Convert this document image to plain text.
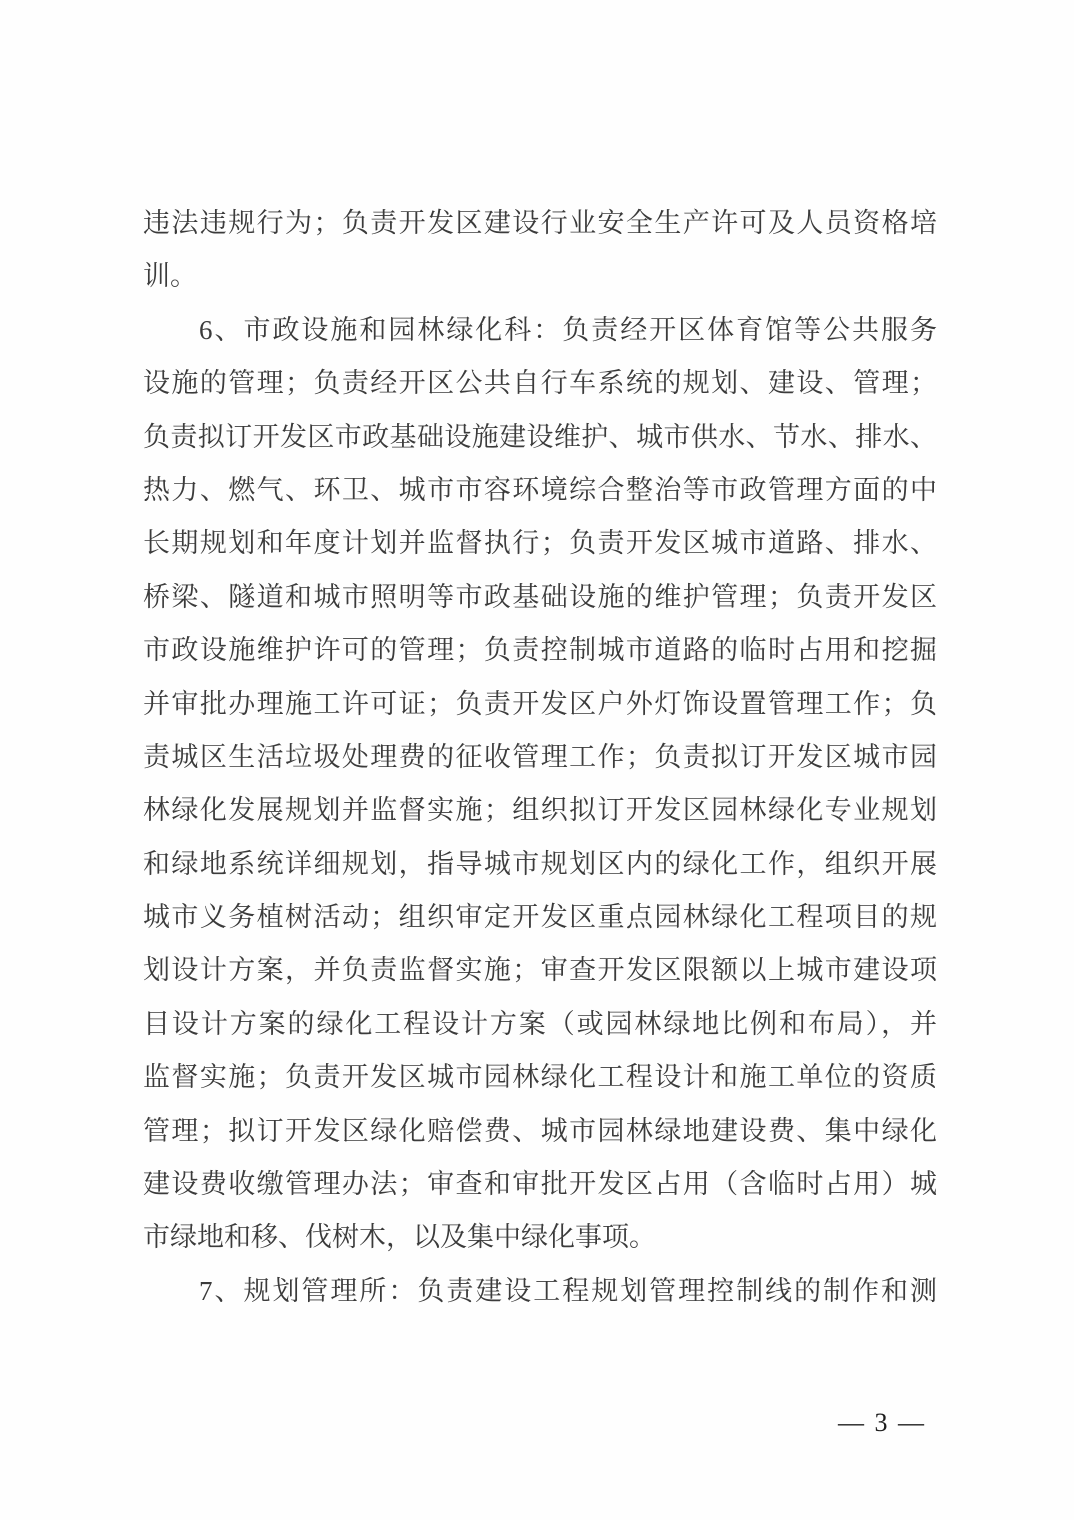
违法违规行为；负责开发区建设行业安全生产许可及人员资格培
训。
6、市政设施和园林绿化科：负责经开区体育馆等公共服务
设施的管理；负责经开区公共自行车系统的规划、建设、管理；
负责拟订开发区市政基础设施建设维护、城市供水、节水、排水、
热力、燃气、环卫、城市市容环境综合整治等市政管理方面的中
长期规划和年度计划并监督执行；负责开发区城市道路、排水、
桥梁、隧道和城市照明等市政基础设施的维护管理；负责开发区
市政设施维护许可的管理；负责控制城市道路的临时占用和挖掘
并审批办理施工许可证；负责开发区户外灯饰设置管理工作；负
责城区生活垃圾处理费的征收管理工作；负责拟订开发区城市园
林绿化发展规划并监督实施；组织拟订开发区园林绿化专业规划
和绿地系统详细规划，指导城市规划区内的绿化工作，组织开展
城市义务植树活动；组织审定开发区重点园林绿化工程项目的规
划设计方案，并负责监督实施；审查开发区限额以上城市建设项
目设计方案的绿化工程设计方案（或园林绿地比例和布局），并
监督实施；负责开发区城市园林绿化工程设计和施工单位的资质
管理；拟订开发区绿化赔偿费、城市园林绿地建设费、集中绿化
建设费收缴管理办法；审查和审批开发区占用（含临时占用）城
市绿地和移、伐树木，以及集中绿化事项。
7、规划管理所：负责建设工程规划管理控制线的制作和测
— 3 —
